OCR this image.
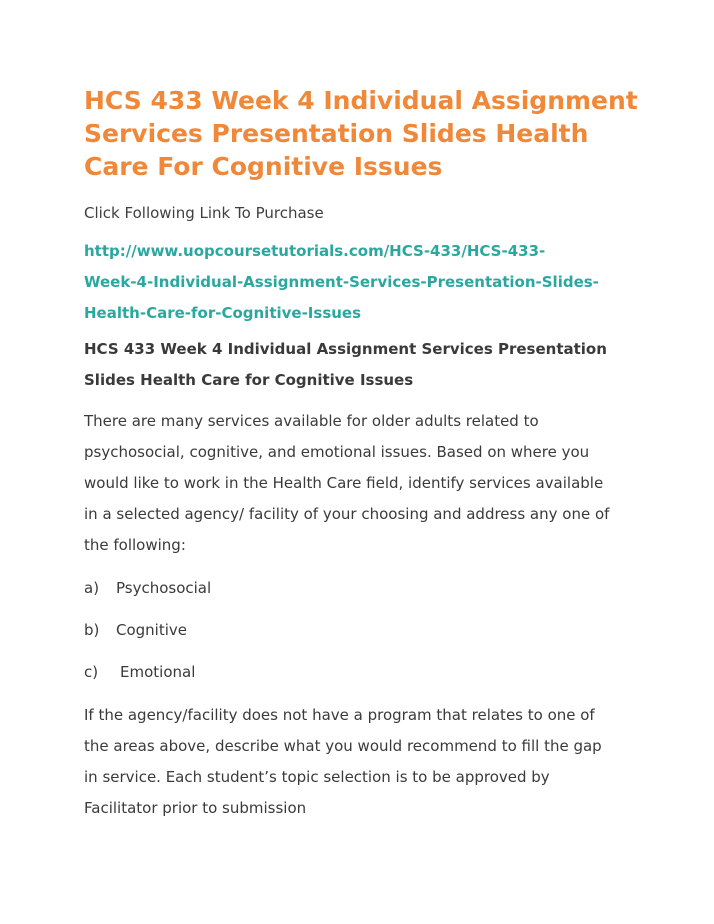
HCS 433 Week 4 Individual Assignment
Services Presentation Slides Health
Care For Cognitive Issues
Click Following Link To Purchase
http://www.uopcoursetutorials.com/HCS-433/HCS-433-
Week-4-Individual-Assignment-Services-Presentation-Slides-
Health-Care-for-Cognitive-Issues
HCS 433 Week 4 Individual Assignment Services Presentation
Slides Health Care for Cognitive Issues
There are many services available for older adults related to
psychosocial, cognitive, and emotional issues. Based on where you
would like to work in the Health Care field, identify services available
in a selected agency/ facility of your choosing and address any one of
the following:
a) Psychosocial
b) Cognitive
c) Emotional
If the agency/facility does not have a program that relates to one of
the areas above, describe what you would recommend to fill the gap
in service. Each student’s topic selection is to be approved by
Facilitator prior to submission
